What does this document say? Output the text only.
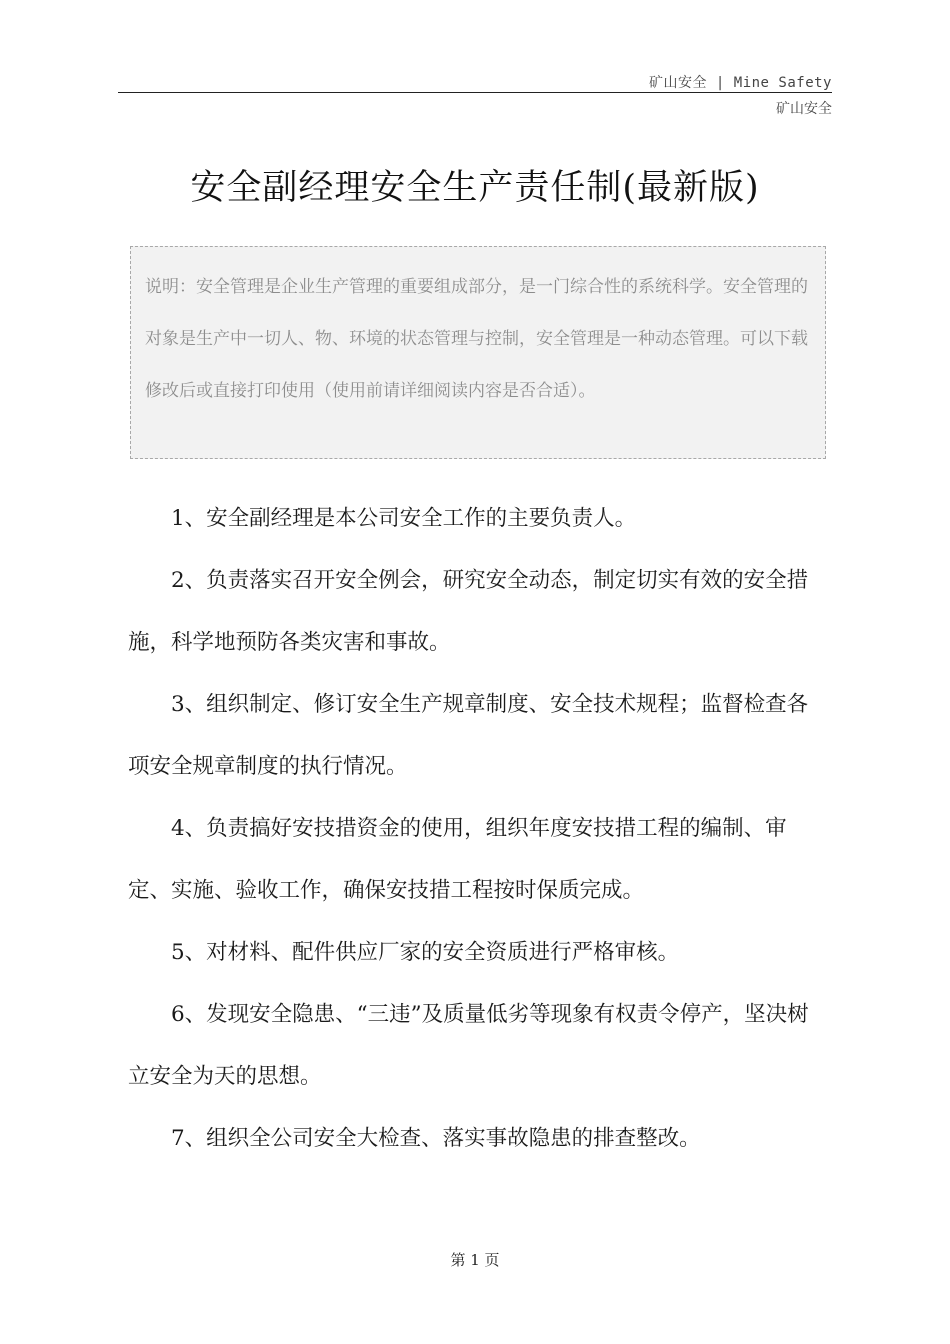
矿山安全 | Mine Safety
矿山安全
安全副经理安全生产责任制(最新版)
说明：安全管理是企业生产管理的重要组成部分，是一门综合性的系统科学。安全管理的对象是生产中一切人、物、环境的状态管理与控制，安全管理是一种动态管理。可以下载修改后或直接打印使用（使用前请详细阅读内容是否合适）。

1、安全副经理是本公司安全工作的主要负责人。

2、负责落实召开安全例会，研究安全动态，制定切实有效的安全措施，科学地预防各类灾害和事故。

3、组织制定、修订安全生产规章制度、安全技术规程；监督检查各项安全规章制度的执行情况。

4、负责搞好安技措资金的使用，组织年度安技措工程的编制、审定、实施、验收工作，确保安技措工程按时保质完成。

5、对材料、配件供应厂家的安全资质进行严格审核。

6、发现安全隐患、“三违”及质量低劣等现象有权责令停产，坚决树立安全为天的思想。

7、组织全公司安全大检查、落实事故隐患的排查整改。

第 1 页
